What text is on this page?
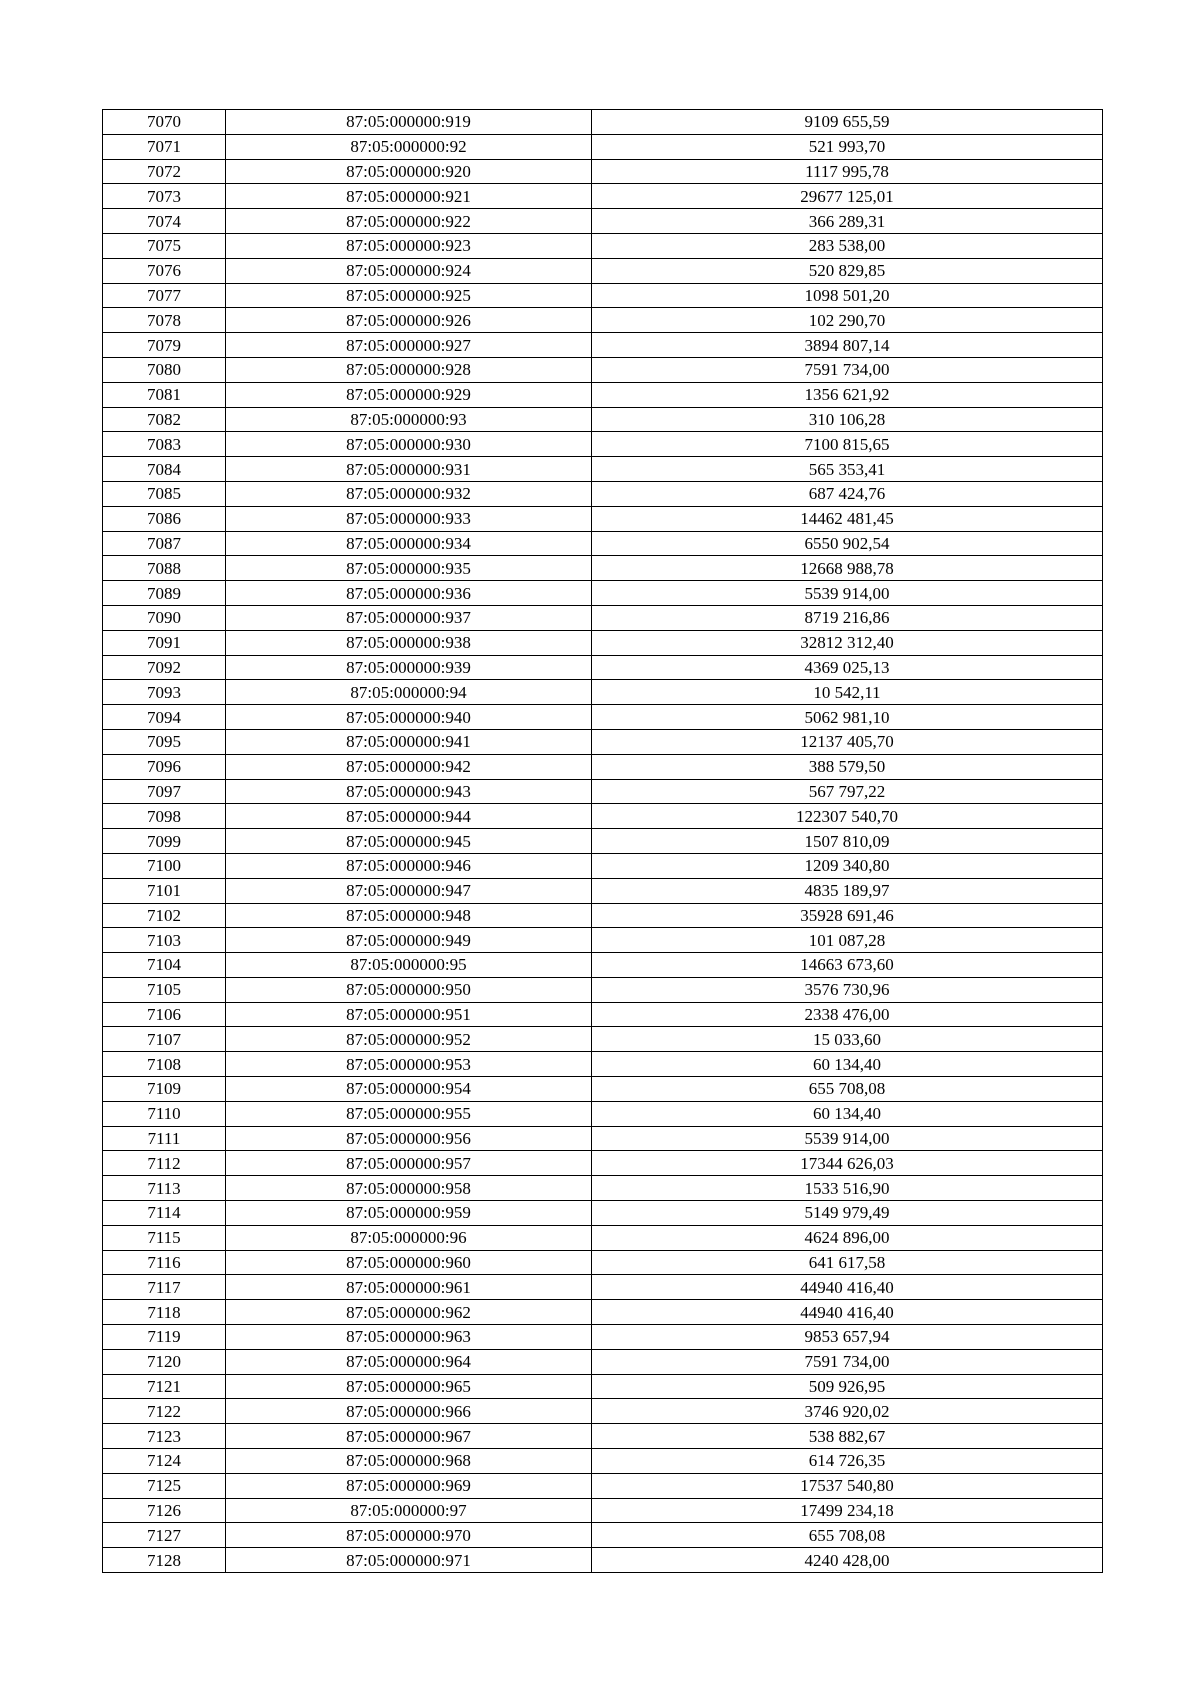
7070	87:05:000000:919	9109 655,59
7071	87:05:000000:92	521 993,70
7072	87:05:000000:920	1117 995,78
7073	87:05:000000:921	29677 125,01
7074	87:05:000000:922	366 289,31
7075	87:05:000000:923	283 538,00
7076	87:05:000000:924	520 829,85
7077	87:05:000000:925	1098 501,20
7078	87:05:000000:926	102 290,70
7079	87:05:000000:927	3894 807,14
7080	87:05:000000:928	7591 734,00
7081	87:05:000000:929	1356 621,92
7082	87:05:000000:93	310 106,28
7083	87:05:000000:930	7100 815,65
7084	87:05:000000:931	565 353,41
7085	87:05:000000:932	687 424,76
7086	87:05:000000:933	14462 481,45
7087	87:05:000000:934	6550 902,54
7088	87:05:000000:935	12668 988,78
7089	87:05:000000:936	5539 914,00
7090	87:05:000000:937	8719 216,86
7091	87:05:000000:938	32812 312,40
7092	87:05:000000:939	4369 025,13
7093	87:05:000000:94	10 542,11
7094	87:05:000000:940	5062 981,10
7095	87:05:000000:941	12137 405,70
7096	87:05:000000:942	388 579,50
7097	87:05:000000:943	567 797,22
7098	87:05:000000:944	122307 540,70
7099	87:05:000000:945	1507 810,09
7100	87:05:000000:946	1209 340,80
7101	87:05:000000:947	4835 189,97
7102	87:05:000000:948	35928 691,46
7103	87:05:000000:949	101 087,28
7104	87:05:000000:95	14663 673,60
7105	87:05:000000:950	3576 730,96
7106	87:05:000000:951	2338 476,00
7107	87:05:000000:952	15 033,60
7108	87:05:000000:953	60 134,40
7109	87:05:000000:954	655 708,08
7110	87:05:000000:955	60 134,40
7111	87:05:000000:956	5539 914,00
7112	87:05:000000:957	17344 626,03
7113	87:05:000000:958	1533 516,90
7114	87:05:000000:959	5149 979,49
7115	87:05:000000:96	4624 896,00
7116	87:05:000000:960	641 617,58
7117	87:05:000000:961	44940 416,40
7118	87:05:000000:962	44940 416,40
7119	87:05:000000:963	9853 657,94
7120	87:05:000000:964	7591 734,00
7121	87:05:000000:965	509 926,95
7122	87:05:000000:966	3746 920,02
7123	87:05:000000:967	538 882,67
7124	87:05:000000:968	614 726,35
7125	87:05:000000:969	17537 540,80
7126	87:05:000000:97	17499 234,18
7127	87:05:000000:970	655 708,08
7128	87:05:000000:971	4240 428,00
